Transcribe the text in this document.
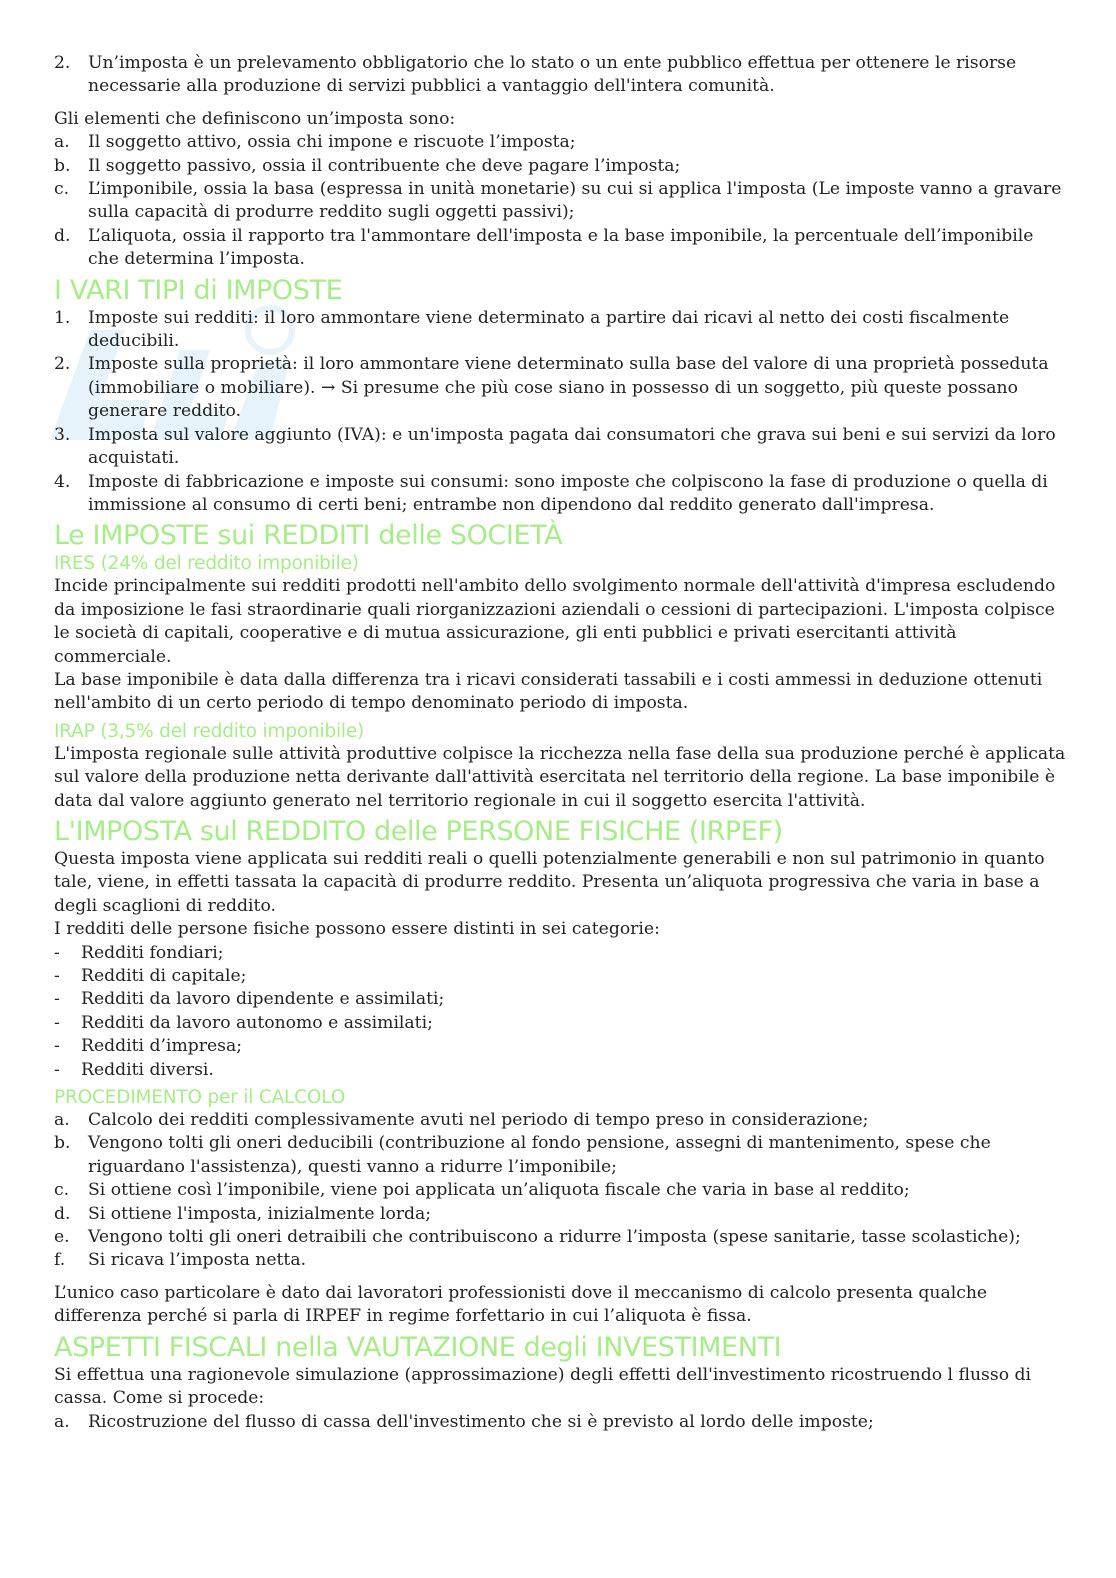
2.	Un’imposta è un prelevamento obbligatorio che lo stato o un ente pubblico effettua per ottenere le risorse necessarie alla produzione di servizi pubblici a vantaggio dell'intera comunità.

Gli elementi che definiscono un’imposta sono:

a.	Il soggetto attivo, ossia chi impone e riscuote l’imposta;
b.	Il soggetto passivo, ossia il contribuente che deve pagare l’imposta;
c.	L’imponibile, ossia la basa (espressa in unità monetarie) su cui si applica l'imposta (Le imposte vanno a gravare sulla capacità di produrre reddito sugli oggetti passivi);
d.	L’aliquota, ossia il rapporto tra l'ammontare dell'imposta e la base imponibile, la percentuale dell’imponibile che determina l’imposta.
I VARI TIPI di IMPOSTE
1.	Imposte sui redditi: il loro ammontare viene determinato a partire dai ricavi al netto dei costi fiscalmente deducibili.
2.	Imposte sulla proprietà: il loro ammontare viene determinato sulla base del valore di una proprietà posseduta (immobiliare o mobiliare). → Si presume che più cose siano in possesso di un soggetto, più queste possano generare reddito.
3.	Imposta sul valore aggiunto (IVA): e un'imposta pagata dai consumatori che grava sui beni e sui servizi da loro acquistati.
4.	Imposte di fabbricazione e imposte sui consumi: sono imposte che colpiscono la fase di produzione o quella di immissione al consumo di certi beni; entrambe non dipendono dal reddito generato dall'impresa.
Le IMPOSTE sui REDDITI delle SOCIETÀ
IRES (24% del reddito imponibile)

Incide principalmente sui redditi prodotti nell'ambito dello svolgimento normale dell'attività d'impresa escludendo da imposizione le fasi straordinarie quali riorganizzazioni aziendali o cessioni di partecipazioni. L'imposta colpisce le società di capitali, cooperative e di mutua assicurazione, gli enti pubblici e privati esercitanti attività commerciale.

La base imponibile è data dalla differenza tra i ricavi considerati tassabili e i costi ammessi in deduzione ottenuti nell'ambito di un certo periodo di tempo denominato periodo di imposta.

IRAP (3,5% del reddito imponibile)

L'imposta regionale sulle attività produttive colpisce la ricchezza nella fase della sua produzione perché è applicata sul valore della produzione netta derivante dall'attività esercitata nel territorio della regione. La base imponibile è data dal valore aggiunto generato nel territorio regionale in cui il soggetto esercita l'attività.

L'IMPOSTA sul REDDITO delle PERSONE FISICHE (IRPEF)

Questa imposta viene applicata sui redditi reali o quelli potenzialmente generabili e non sul patrimonio in quanto tale, viene, in effetti tassata la capacità di produrre reddito. Presenta un’aliquota progressiva che varia in base a degli scaglioni di reddito.

I redditi delle persone fisiche possono essere distinti in sei categorie:

- Redditi fondiari;
- Redditi di capitale;
- Redditi da lavoro dipendente e assimilati;
- Redditi da lavoro autonomo e assimilati;
- Redditi d’impresa;
- Redditi diversi.
PROCEDIMENTO per il CALCOLO
a.	Calcolo dei redditi complessivamente avuti nel periodo di tempo preso in considerazione;
b.	Vengono tolti gli oneri deducibili (contribuzione al fondo pensione, assegni di mantenimento, spese che riguardano l'assistenza), questi vanno a ridurre l’imponibile;
c.	Si ottiene così l’imponibile, viene poi applicata un’aliquota fiscale che varia in base al reddito;
d.	Si ottiene l'imposta, inizialmente lorda;
e.	Vengono tolti gli oneri detraibili che contribuiscono a ridurre l’imposta (spese sanitarie, tasse scolastiche);
f.	Si ricava l’imposta netta.

L’unico caso particolare è dato dai lavoratori professionisti dove il meccanismo di calcolo presenta qualche differenza perché si parla di IRPEF in regime forfettario in cui l’aliquota è fissa.

ASPETTI FISCALI nella VAUTAZIONE degli INVESTIMENTI

Si effettua una ragionevole simulazione (approssimazione) degli effetti dell'investimento ricostruendo l flusso di cassa. Come si procede:

a.	Ricostruzione del flusso di cassa dell'investimento che si è previsto al lordo delle imposte;
